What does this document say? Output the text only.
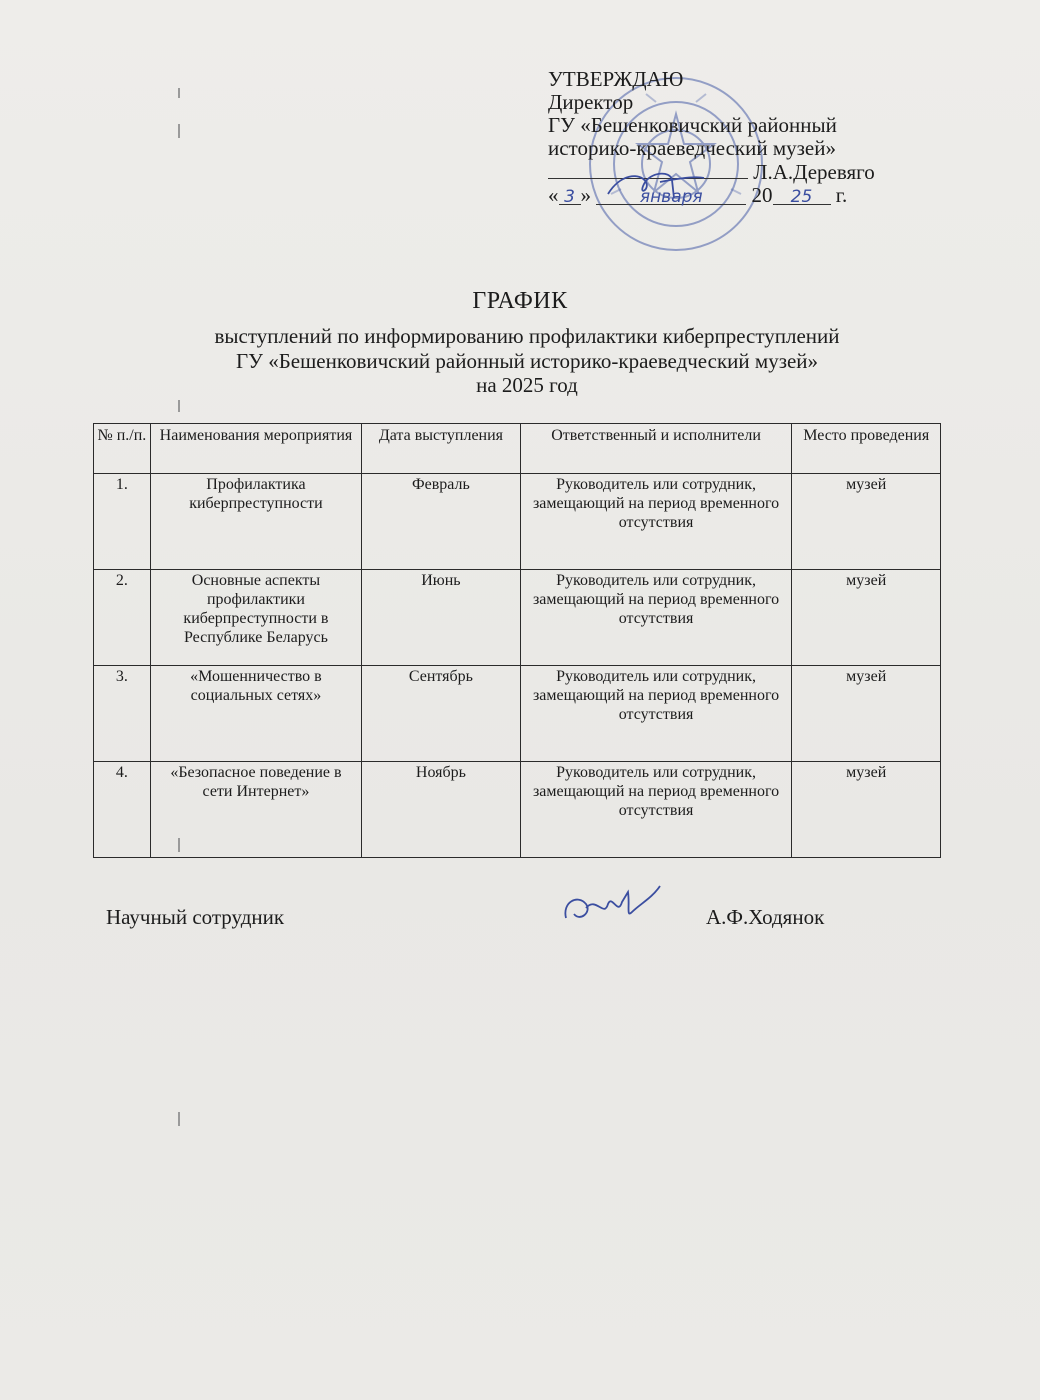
УТВЕРЖДАЮ
Директор
ГУ «Бешенковичский районный
историко-краеведческий музей»
Л.А.Деревяго
« 3 »	января 20 25 г.
ГРАФИК
выступлений по информированию профилактики киберпреступлений
ГУ «Бешенковичский районный историко-краеведческий музей»
на 2025 год
№ п./п.	Наименования мероприятия	Дата выступления	Ответственный и исполнители	Место проведения
1.	Профилактика киберпреступности	Февраль	Руководитель или сотрудник, замещающий на период временного отсутствия	музей
2.	Основные аспекты профилактики киберпреступности в Республике Беларусь	Июнь	Руководитель или сотрудник, замещающий на период временного отсутствия	музей
3.	«Мошенничество в социальных сетях»	Сентябрь	Руководитель или сотрудник, замещающий на период временного отсутствия	музей
4.	«Безопасное поведение в сети Интернет»	Ноябрь	Руководитель или сотрудник, замещающий на период временного отсутствия	музей
Научный сотрудник	А.Ф.Ходянок
